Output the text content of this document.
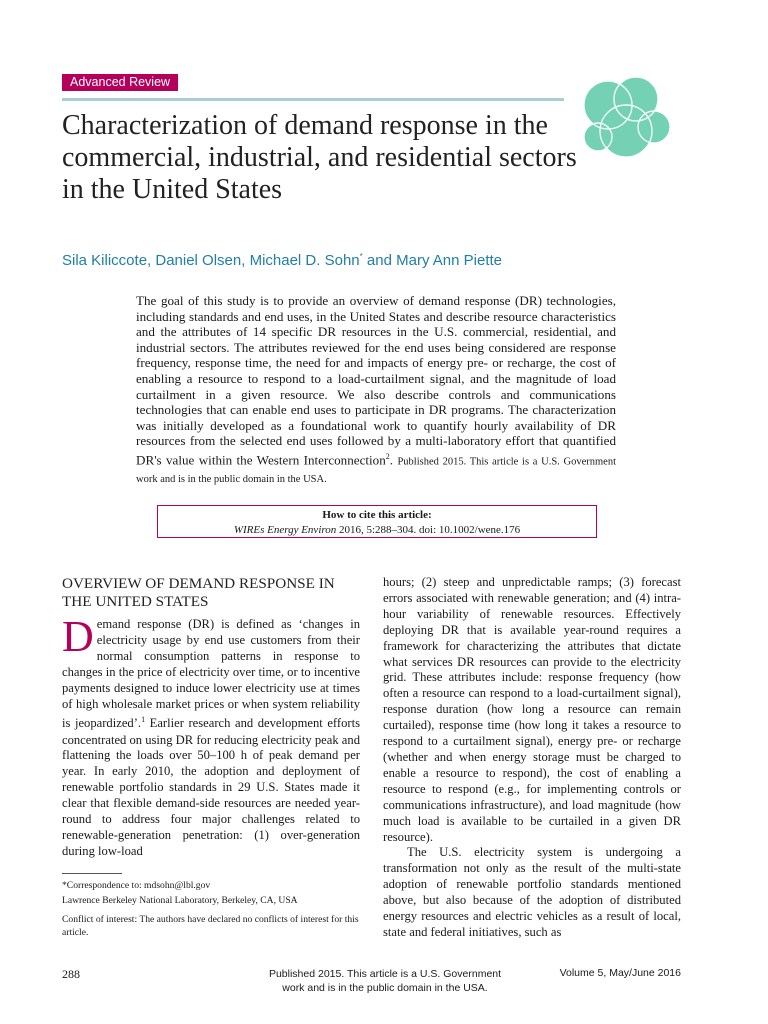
Advanced Review
Characterization of demand response in the commercial, industrial, and residential sectors in the United States
Sila Kiliccote, Daniel Olsen, Michael D. Sohn* and Mary Ann Piette

The goal of this study is to provide an overview of demand response (DR) technologies, including standards and end uses, in the United States and describe resource characteristics and the attributes of 14 specific DR resources in the U.S. commercial, residential, and industrial sectors. The attributes reviewed for the end uses being considered are response frequency, response time, the need for and impacts of energy pre- or recharge, the cost of enabling a resource to respond to a load-curtailment signal, and the magnitude of load curtailment in a given resource. We also describe controls and communications technologies that can enable end uses to participate in DR programs. The characterization was initially developed as a foundational work to quantify hourly availability of DR resources from the selected end uses followed by a multi-laboratory effort that quantified DR's value within the Western Interconnection$^2$. Published 2015. This article is a U.S. Government work and is in the public domain in the USA.

How to cite this article:
WIREs Energy Environ 2016, 5:288–304. doi: 10.1002/wene.176
OVERVIEW OF DEMAND RESPONSE IN THE UNITED STATES

Demand response (DR) is defined as ‘changes in electricity usage by end use customers from their normal consumption patterns in response to changes in the price of electricity over time, or to incentive payments designed to induce lower electricity use at times of high wholesale market prices or when system reliability is jeopardized’.$^1$ Earlier research and development efforts concentrated on using DR for reducing electricity peak and flattening the loads over 50–100 h of peak demand per year. In early 2010, the adoption and deployment of renewable portfolio standards in 29 U.S. States made it clear that flexible demand-side resources are needed year-round to address four major challenges related to renewable-generation penetration: (1) over-generation during low-load

hours; (2) steep and unpredictable ramps; (3) forecast errors associated with renewable generation; and (4) intra-hour variability of renewable resources. Effectively deploying DR that is available year-round requires a framework for characterizing the attributes that dictate what services DR resources can provide to the electricity grid. These attributes include: response frequency (how often a resource can respond to a load-curtailment signal), response duration (how long a resource can remain curtailed), response time (how long it takes a resource to respond to a curtailment signal), energy pre- or recharge (whether and when energy storage must be charged to enable a resource to respond), the cost of enabling a resource to respond (e.g., for implementing controls or communications infrastructure), and load magnitude (how much load is available to be curtailed in a given DR resource).

The U.S. electricity system is undergoing a transformation not only as the result of the multi-state adoption of renewable portfolio standards mentioned above, but also because of the adoption of distributed energy resources and electric vehicles as a result of local, state and federal initiatives, such as

*Correspondence to: mdsohn@lbl.gov
Lawrence Berkeley National Laboratory, Berkeley, CA, USA
Conflict of interest: The authors have declared no conflicts of interest for this article.
288	Published 2015. This article is a U.S. Government work and is in the public domain in the USA.
Volume 5, May/June 2016
